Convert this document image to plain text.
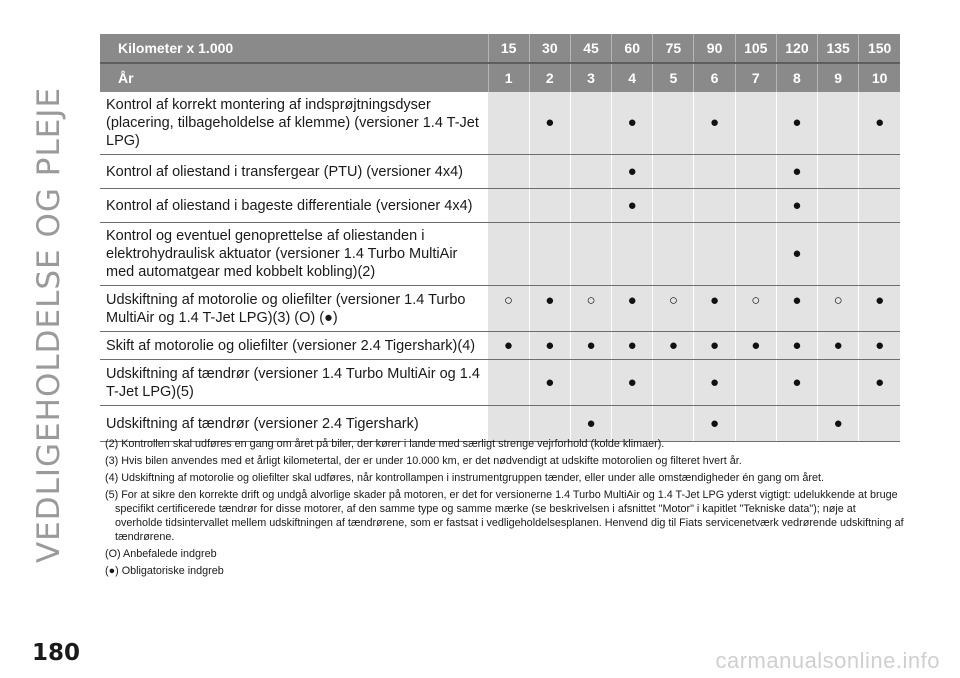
VEDLIGEHOLDELSE OG PLEJE
Kilometer x 1.000	15	30	45	60	75	90	105	120	135	150
År	1	2	3	4	5	6	7	8	9	10
Kontrol af korrekt montering af indsprøjtningsdyser (placering, tilbageholdelse af klemme) (versioner 1.4 T-Jet LPG)		●		●		●		●		●
Kontrol af oliestand i transfergear (PTU) (versioner 4x4)				●				●		
Kontrol af oliestand i bageste differentiale (versioner 4x4)				●				●		
Kontrol og eventuel genoprettelse af oliestanden i elektrohydraulisk aktuator (versioner 1.4 Turbo MultiAir med automatgear med kobbelt kobling)(2)								●		
Udskiftning af motorolie og oliefilter (versioner 1.4 Turbo MultiAir og 1.4 T-Jet LPG)(3) (O) (●)	○	●	○	●	○	●	○	●	○	●
Skift af motorolie og oliefilter (versioner 2.4 Tigershark)(4)	●	●	●	●	●	●	●	●	●	●
Udskiftning af tændrør (versioner 1.4 Turbo MultiAir og 1.4 T-Jet LPG)(5)		●		●		●		●		●
Udskiftning af tændrør (versioner 2.4 Tigershark)			●			●			●	

(2) Kontrollen skal udføres en gang om året på biler, der kører i lande med særligt strenge vejrforhold (kolde klimaer).

(3) Hvis bilen anvendes med et årligt kilometertal, der er under 10.000 km, er det nødvendigt at udskifte motorolien og filteret hvert år.

(4) Udskiftning af motorolie og oliefilter skal udføres, når kontrollampen i instrumentgruppen tænder, eller under alle omstændigheder én gang om året.

(5) For at sikre den korrekte drift og undgå alvorlige skader på motoren, er det for versionerne 1.4 Turbo MultiAir og 1.4 T-Jet LPG yderst vigtigt: udelukkende at bruge specifikt certificerede tændrør for disse motorer, af den samme type og samme mærke (se beskrivelsen i afsnittet "Motor" i kapitlet "Tekniske data"); nøje at overholde tidsintervallet mellem udskiftningen af tændrørene, som er fastsat i vedligeholdelsesplanen. Henvend dig til Fiats servicenetværk vedrørende udskiftning af tændrørene.

(O) Anbefalede indgreb

(●) Obligatoriske indgreb

180	carmanualsonline.info
